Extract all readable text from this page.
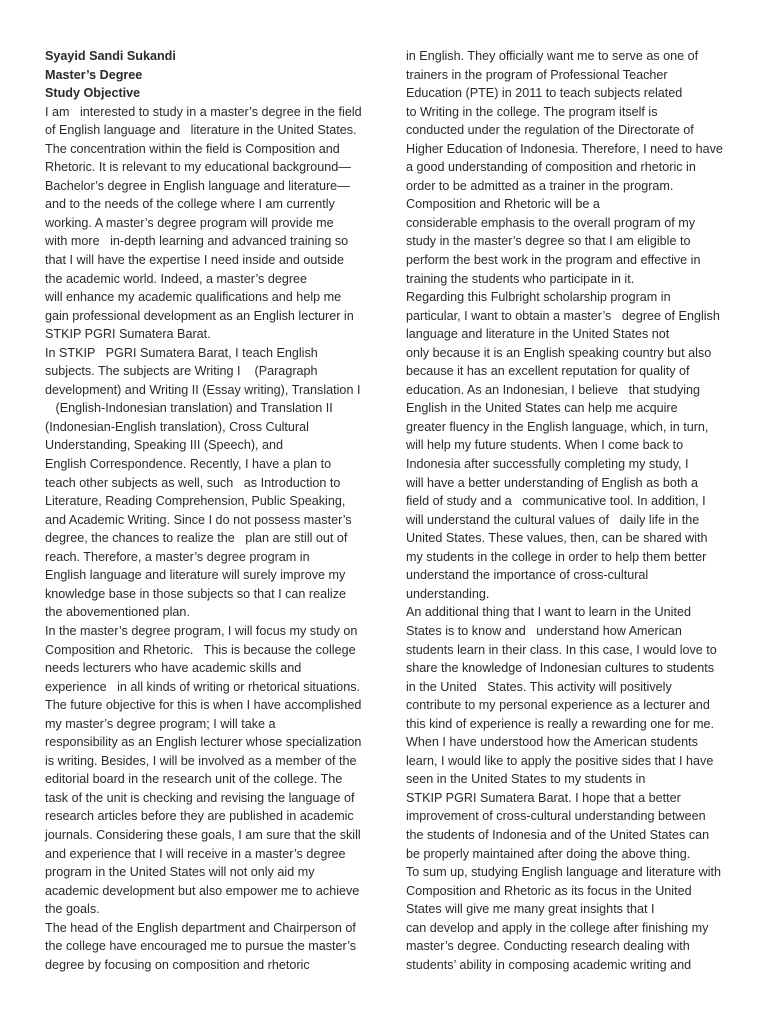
Syayid Sandi Sukandi
Master’s Degree
Study Objective
I am   interested to study in a master’s degree in the field
of English language and   literature in the United States.
The concentration within the field is Composition and
Rhetoric. It is relevant to my educational background—
Bachelor’s degree in English language and literature—
and to the needs of the college where I am currently
working. A master’s degree program will provide me
with more   in-depth learning and advanced training so
that I will have the expertise I need inside and outside
the academic world. Indeed, a master’s degree
will enhance my academic qualifications and help me
gain professional development as an English lecturer in
STKIP PGRI Sumatera Barat.
In STKIP   PGRI Sumatera Barat, I teach English
subjects. The subjects are Writing I    (Paragraph
development) and Writing II (Essay writing), Translation I
(English-Indonesian translation) and Translation II
(Indonesian-English translation), Cross Cultural
Understanding, Speaking III (Speech), and
English Correspondence. Recently, I have a plan to
teach other subjects as well, such   as Introduction to
Literature, Reading Comprehension, Public Speaking,
and Academic Writing. Since I do not possess master’s
degree, the chances to realize the   plan are still out of
reach. Therefore, a master’s degree program in
English language and literature will surely improve my
knowledge base in those subjects so that I can realize
the abovementioned plan.
In the master’s degree program, I will focus my study on
Composition and Rhetoric.   This is because the college
needs lecturers who have academic skills and
experience   in all kinds of writing or rhetorical situations.
The future objective for this is when I have accomplished
my master’s degree program; I will take a
responsibility as an English lecturer whose specialization
is writing. Besides, I will be involved as a member of the
editorial board in the research unit of the college. The
task of the unit is checking and revising the language of
research articles before they are published in academic
journals. Considering these goals, I am sure that the skill
and experience that I will receive in a master’s degree
program in the United States will not only aid my
academic development but also empower me to achieve
the goals.
The head of the English department and Chairperson of
the college have encouraged me to pursue the master’s
degree by focusing on composition and rhetoric
in English. They officially want me to serve as one of
trainers in the program of Professional Teacher
Education (PTE) in 2011 to teach subjects related
to Writing in the college. The program itself is
conducted under the regulation of the Directorate of
Higher Education of Indonesia. Therefore, I need to have
a good understanding of composition and rhetoric in
order to be admitted as a trainer in the program.
Composition and Rhetoric will be a
considerable emphasis to the overall program of my
study in the master’s degree so that I am eligible to
perform the best work in the program and effective in
training the students who participate in it.
Regarding this Fulbright scholarship program in
particular, I want to obtain a master’s   degree of English
language and literature in the United States not
only because it is an English speaking country but also
because it has an excellent reputation for quality of
education. As an Indonesian, I believe   that studying
English in the United States can help me acquire
greater fluency in the English language, which, in turn,
will help my future students. When I come back to
Indonesia after successfully completing my study, I
will have a better understanding of English as both a
field of study and a   communicative tool. In addition, I
will understand the cultural values of   daily life in the
United States. These values, then, can be shared with
my students in the college in order to help them better
understand the importance of cross-cultural
understanding.
An additional thing that I want to learn in the United
States is to know and   understand how American
students learn in their class. In this case, I would love to
share the knowledge of Indonesian cultures to students
in the United   States. This activity will positively
contribute to my personal experience as a lecturer and
this kind of experience is really a rewarding one for me.
When I have understood how the American students
learn, I would like to apply the positive sides that I have
seen in the United States to my students in
STKIP PGRI Sumatera Barat. I hope that a better
improvement of cross-cultural understanding between
the students of Indonesia and of the United States can
be properly maintained after doing the above thing.
To sum up, studying English language and literature with
Composition and Rhetoric as its focus in the United
States will give me many great insights that I
can develop and apply in the college after finishing my
master’s degree. Conducting research dealing with
students’ ability in composing academic writing and
